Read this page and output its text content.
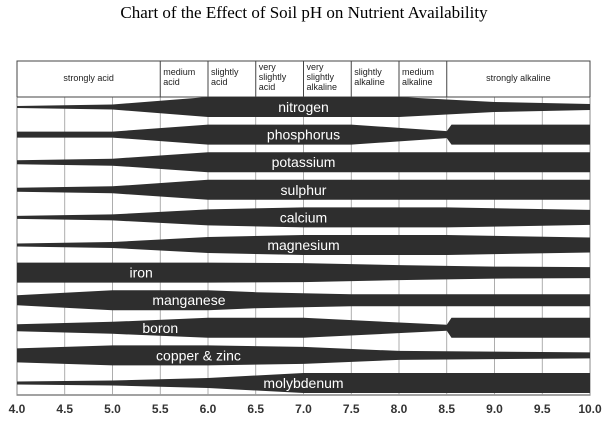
Chart of the Effect of Soil pH on Nutrient Availability
strongly acid
medium
acid
slightly
acid
very
slightly
acid
very
slightly
alkaline
slightly
alkaline
medium
alkaline	strongly alkaline
nitrogen
phosphorus
potassium
sulphur
calcium
magnesium
iron
manganese
boron
copper & zinc
molybdenum
4.0	4.5	5.0	5.5	6.0	6.5	7.0	7.5	8.0	8.5	9.0	9.5 10.0
